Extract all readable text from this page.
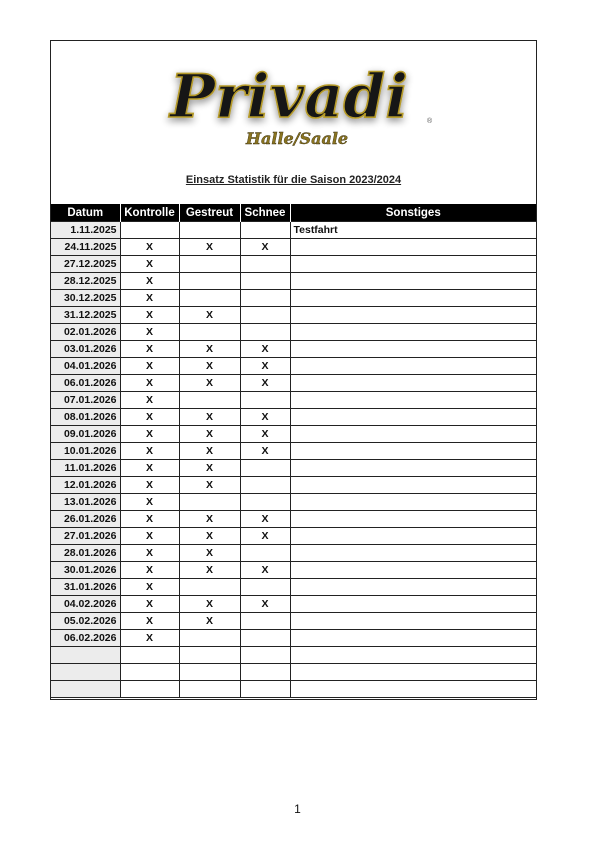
Privadi	®
Halle/Saale
Einsatz Statistik für die Saison 2023/2024
Datum	Kontrolle	Gestreut	Schnee	Sonstiges
1.11.2025				Testfahrt
24.11.2025	X	X	X	
27.12.2025	X			
28.12.2025	X			
30.12.2025	X			
31.12.2025	X	X		
02.01.2026	X			
03.01.2026	X	X	X	
04.01.2026	X	X	X	
06.01.2026	X	X	X	
07.01.2026	X			
08.01.2026	X	X	X	
09.01.2026	X	X	X	
10.01.2026	X	X	X	
11.01.2026	X	X		
12.01.2026	X	X		
13.01.2026	X			
26.01.2026	X	X	X	
27.01.2026	X	X	X	
28.01.2026	X	X		
30.01.2026	X	X	X	
31.01.2026	X			
04.02.2026	X	X	X	
05.02.2026	X	X		
06.02.2026	X			

1
